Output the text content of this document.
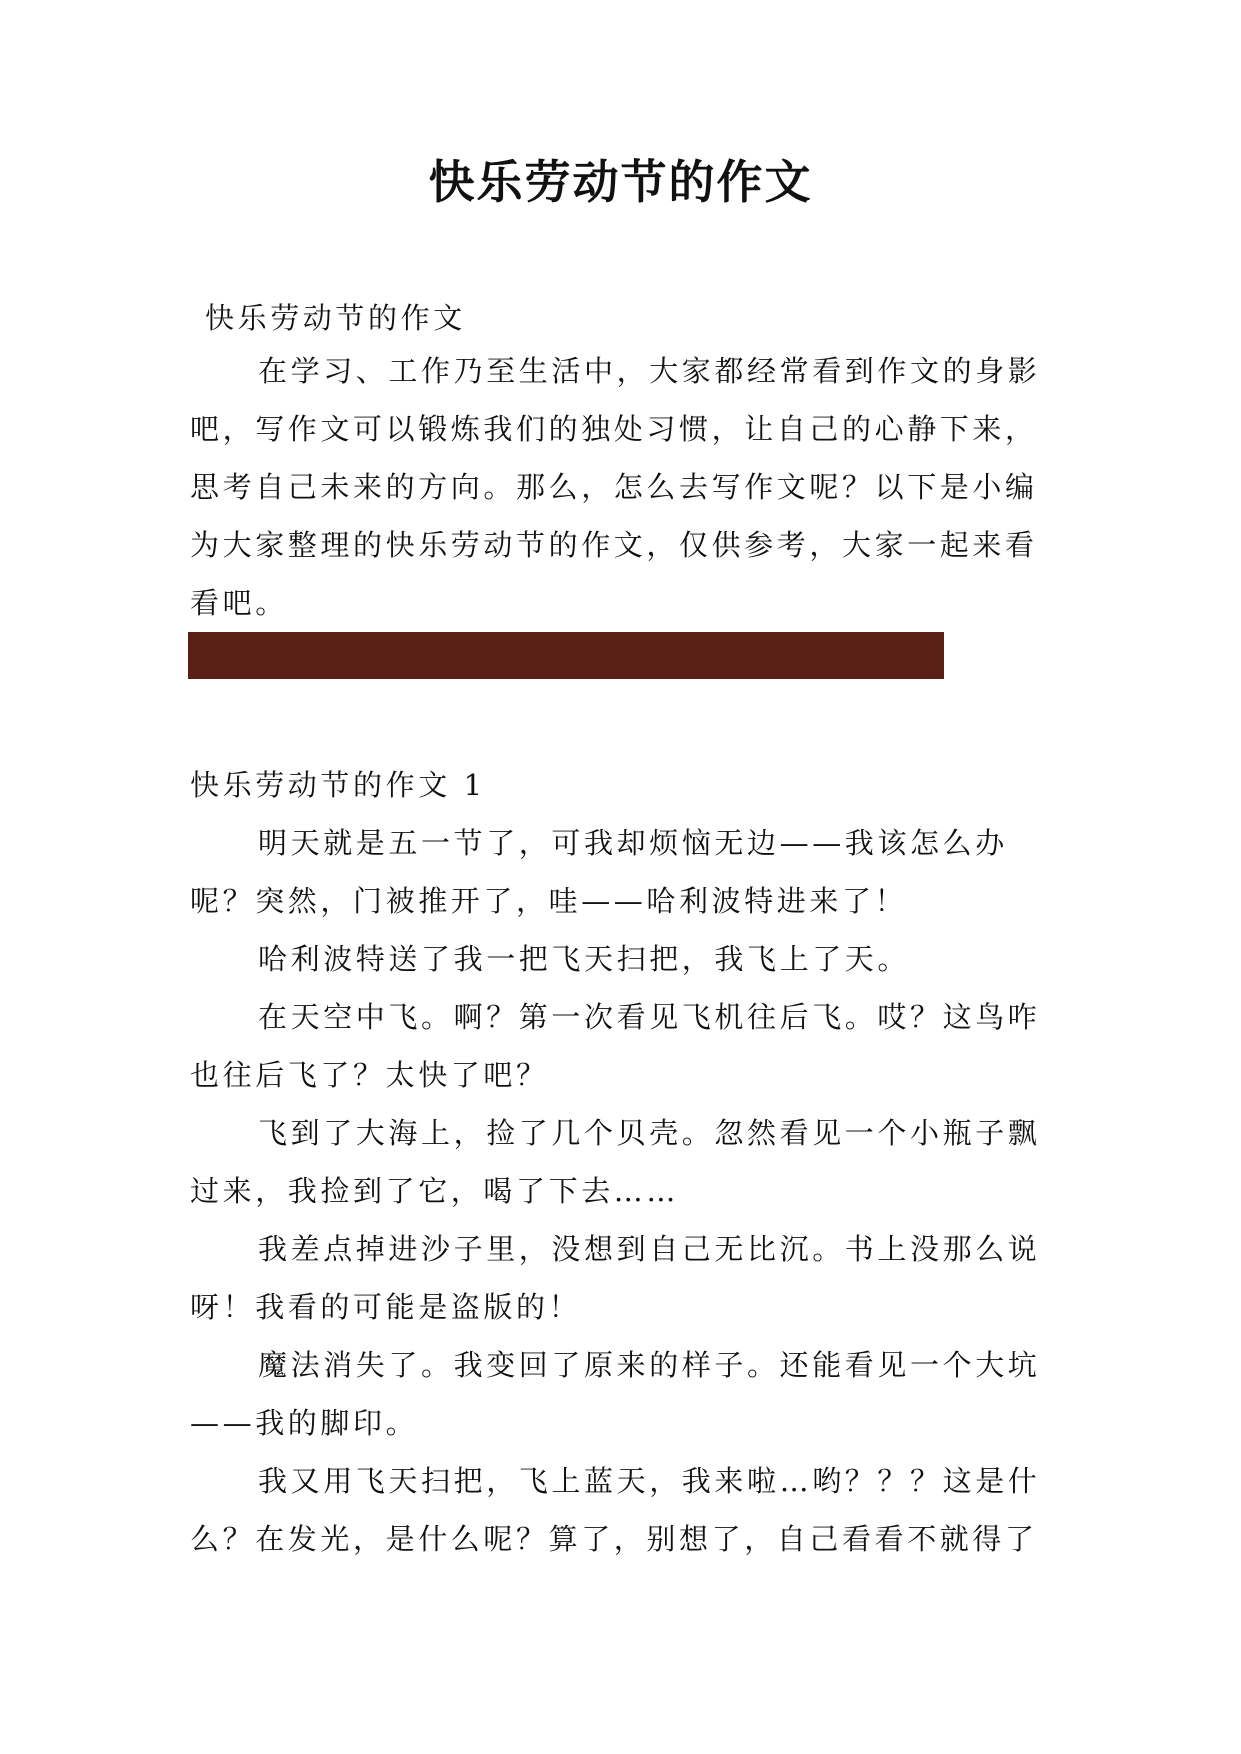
快乐劳动节的作文

快乐劳动节的作文

在学习、工作乃至生活中，大家都经常看到作文的身影吧，写作文可以锻炼我们的独处习惯，让自己的心静下来，思考自己未来的方向。那么，怎么去写作文呢？以下是小编为大家整理的快乐劳动节的作文，仅供参考，大家一起来看看吧。

快乐劳动节的作文 1

明天就是五一节了，可我却烦恼无边——我该怎么办呢？突然，门被推开了，哇——哈利波特进来了！

哈利波特送了我一把飞天扫把，我飞上了天。

在天空中飞。啊？第一次看见飞机往后飞。哎？这鸟咋也往后飞了？太快了吧？

飞到了大海上，捡了几个贝壳。忽然看见一个小瓶子飘过来，我捡到了它，喝了下去……

我差点掉进沙子里，没想到自己无比沉。书上没那么说呀！我看的可能是盗版的！

魔法消失了。我变回了原来的样子。还能看见一个大坑——我的脚印。

我又用飞天扫把，飞上蓝天，我来啦…哟？？？这是什么？在发光，是什么呢？算了，别想了，自己看看不就得了
